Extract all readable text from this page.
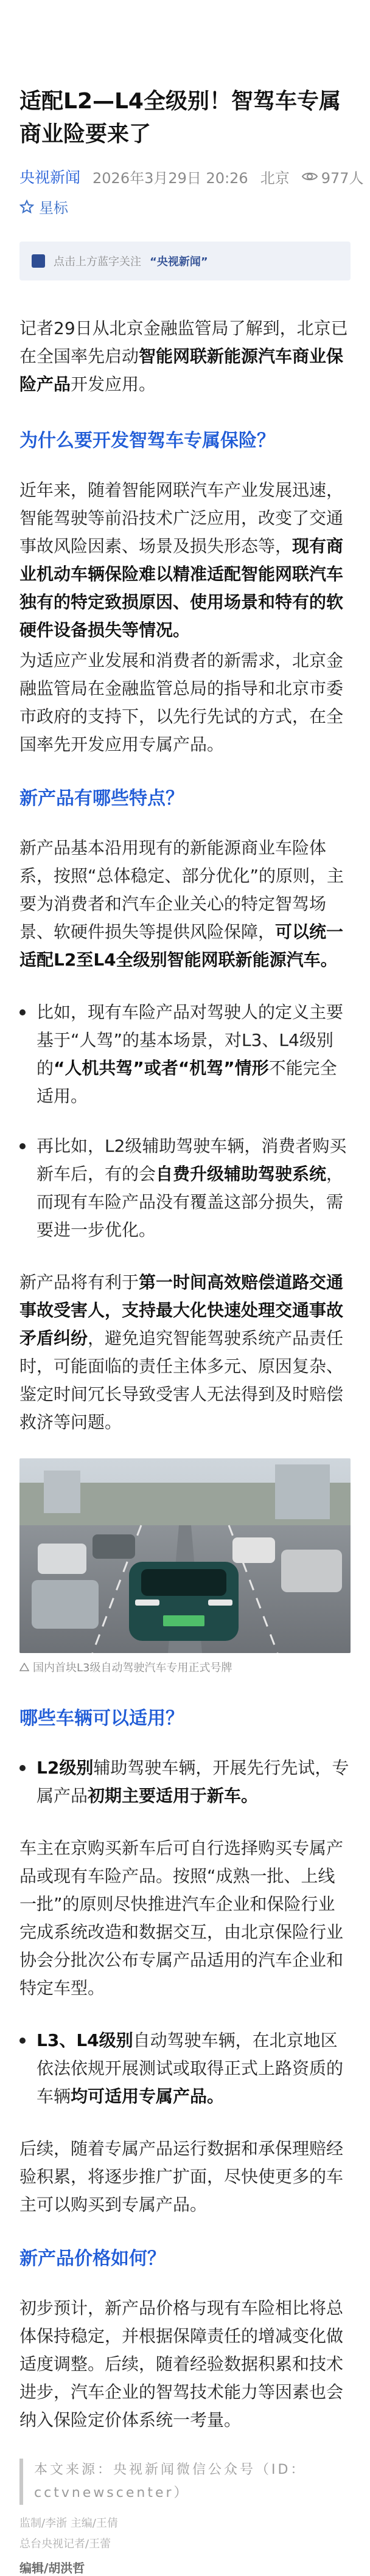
适配L2—L4全级别！智驾车专属商业险要来了
央视新闻 2026年3月29日 20:26 北京 977人
星标
点击上方蓝字关注 “央视新闻”

记者29日从北京金融监管局了解到，北京已在全国率先启动智能网联新能源汽车商业保险产品开发应用。

为什么要开发智驾车专属保险？

近年来，随着智能网联汽车产业发展迅速，智能驾驶等前沿技术广泛应用，改变了交通事故风险因素、场景及损失形态等，现有商业机动车辆保险难以精准适配智能网联汽车独有的特定致损原因、使用场景和特有的软硬件设备损失等情况。

为适应产业发展和消费者的新需求，北京金融监管局在金融监管总局的指导和北京市委市政府的支持下，以先行先试的方式，在全国率先开发应用专属产品。

新产品有哪些特点？

新产品基本沿用现有的新能源商业车险体系，按照“总体稳定、部分优化”的原则，主要为消费者和汽车企业关心的特定智驾场景、软硬件损失等提供风险保障，可以统一适配L2至L4全级别智能网联新能源汽车。

比如，现有车险产品对驾驶人的定义主要基于“人驾”的基本场景，对L3、L4级别的“人机共驾”或者“机驾”情形不能完全适用。
再比如，L2级辅助驾驶车辆，消费者购买新车后，有的会自费升级辅助驾驶系统，而现有车险产品没有覆盖这部分损失，需要进一步优化。

新产品将有利于第一时间高效赔偿道路交通事故受害人，支持最大化快速处理交通事故矛盾纠纷，避免追究智能驾驶系统产品责任时，可能面临的责任主体多元、原因复杂、鉴定时间冗长导致受害人无法得到及时赔偿救济等问题。

国内首块L3级自动驾驶汽车专用正式号牌
哪些车辆可以适用？
L2级别辅助驾驶车辆，开展先行先试，专属产品初期主要适用于新车。

车主在京购买新车后可自行选择购买专属产品或现有车险产品。按照“成熟一批、上线一批”的原则尽快推进汽车企业和保险行业完成系统改造和数据交互，由北京保险行业协会分批次公布专属产品适用的汽车企业和特定车型。

L3、L4级别自动驾驶车辆，在北京地区依法依规开展测试或取得正式上路资质的车辆均可适用专属产品。

后续，随着专属产品运行数据和承保理赔经验积累，将逐步推广扩面，尽快使更多的车主可以购买到专属产品。

新产品价格如何？

初步预计，新产品价格与现有车险相比将总体保持稳定，并根据保障责任的增减变化做适度调整。后续，随着经验数据积累和技术进步，汽车企业的智驾技术能力等因素也会纳入保险定价体系统一考量。

本文来源：央视新闻微信公众号（ID：cctvnewscenter）
监制/李浙 主编/王倩
总台央视记者/王蕾
编辑/胡洪哲
